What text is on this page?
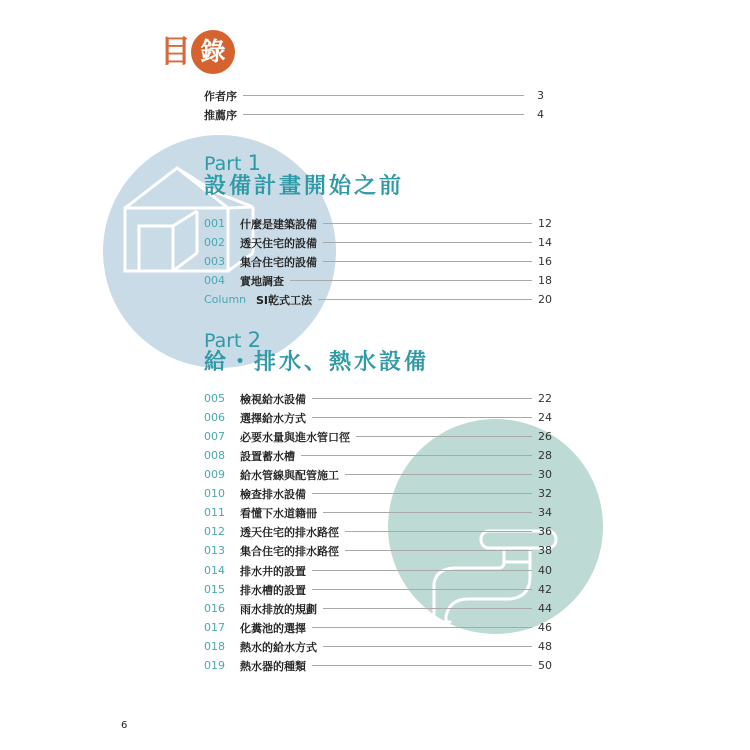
目 錄
作者序	3
推薦序	4
Part 1
設備計畫開始之前
001	什麼是建築設備	12
002	透天住宅的設備	14
003	集合住宅的設備	16
004	實地調查	18
Column SI乾式工法	20
Part 2
給・排水、熱水設備
005	檢視給水設備	22
006	選擇給水方式	24
007	必要水量與進水管口徑	26
008	設置蓄水槽	28
009	給水管線與配管施工	30
010	檢查排水設備	32
011	看懂下水道籍冊	34
012	透天住宅的排水路徑	36
013	集合住宅的排水路徑	38
014	排水井的設置	40
015	排水槽的設置	42
016	雨水排放的規劃	44
017	化糞池的選擇	46
018	熱水的給水方式	48
019	熱水器的種類	50
6
